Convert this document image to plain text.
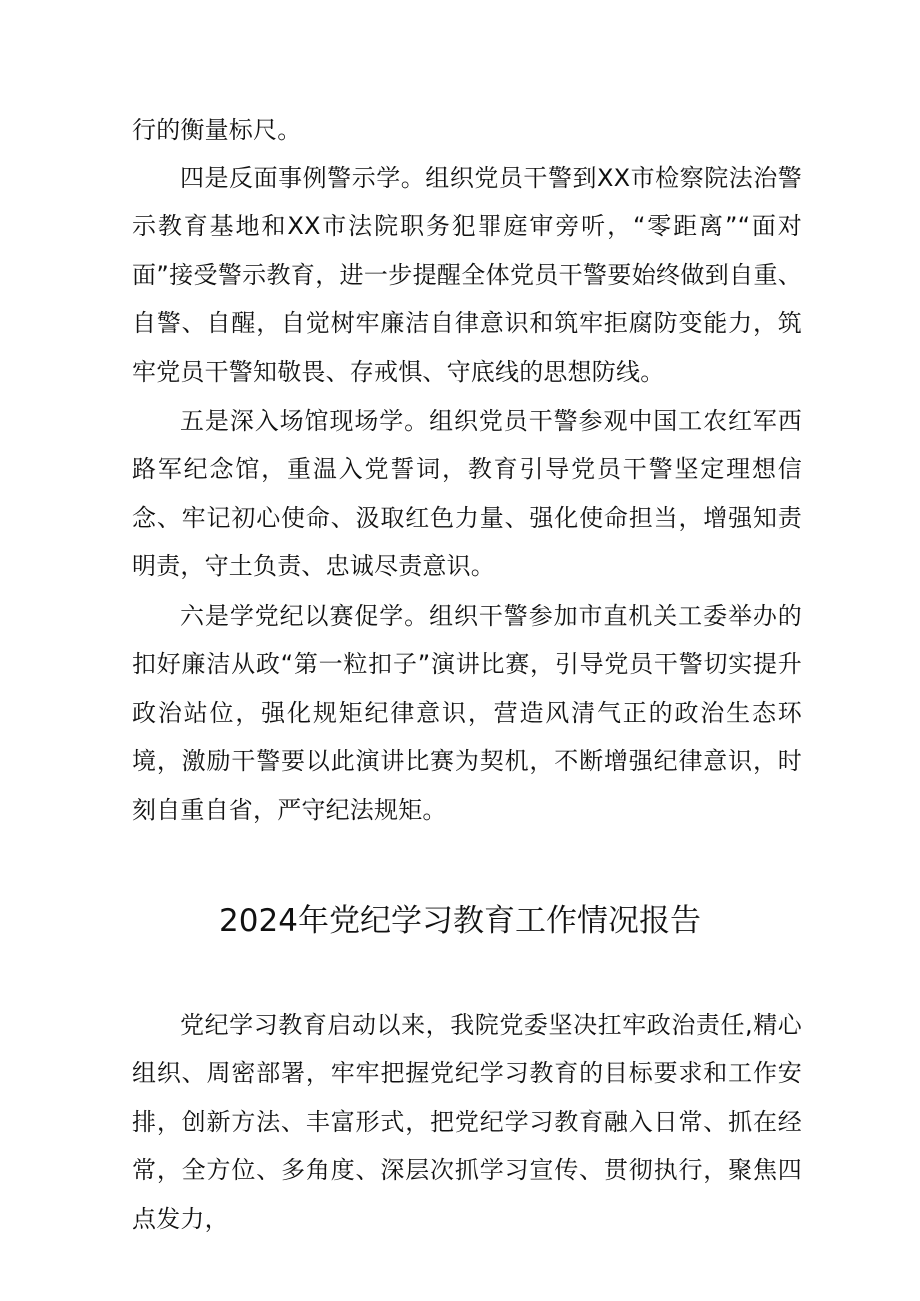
行的衡量标尺。

四是反面事例警示学。组织党员干警到XX市检察院法治警示教育基地和XX市法院职务犯罪庭审旁听，“零距离”“面对面”接受警示教育，进一步提醒全体党员干警要始终做到自重、自警、自醒，自觉树牢廉洁自律意识和筑牢拒腐防变能力，筑牢党员干警知敬畏、存戒惧、守底线的思想防线。

五是深入场馆现场学。组织党员干警参观中国工农红军西路军纪念馆，重温入党誓词，教育引导党员干警坚定理想信念、牢记初心使命、汲取红色力量、强化使命担当，增强知责明责，守土负责、忠诚尽责意识。

六是学党纪以赛促学。组织干警参加市直机关工委举办的扣好廉洁从政“第一粒扣子”演讲比赛，引导党员干警切实提升政治站位，强化规矩纪律意识，营造风清气正的政治生态环境，激励干警要以此演讲比赛为契机，不断增强纪律意识，时刻自重自省，严守纪法规矩。

2024年党纪学习教育工作情况报告

党纪学习教育启动以来，我院党委坚决扛牢政治责任,精心组织、周密部署，牢牢把握党纪学习教育的目标要求和工作安排，创新方法、丰富形式，把党纪学习教育融入日常、抓在经常，全方位、多角度、深层次抓学习宣传、贯彻执行，聚焦四点发力，
